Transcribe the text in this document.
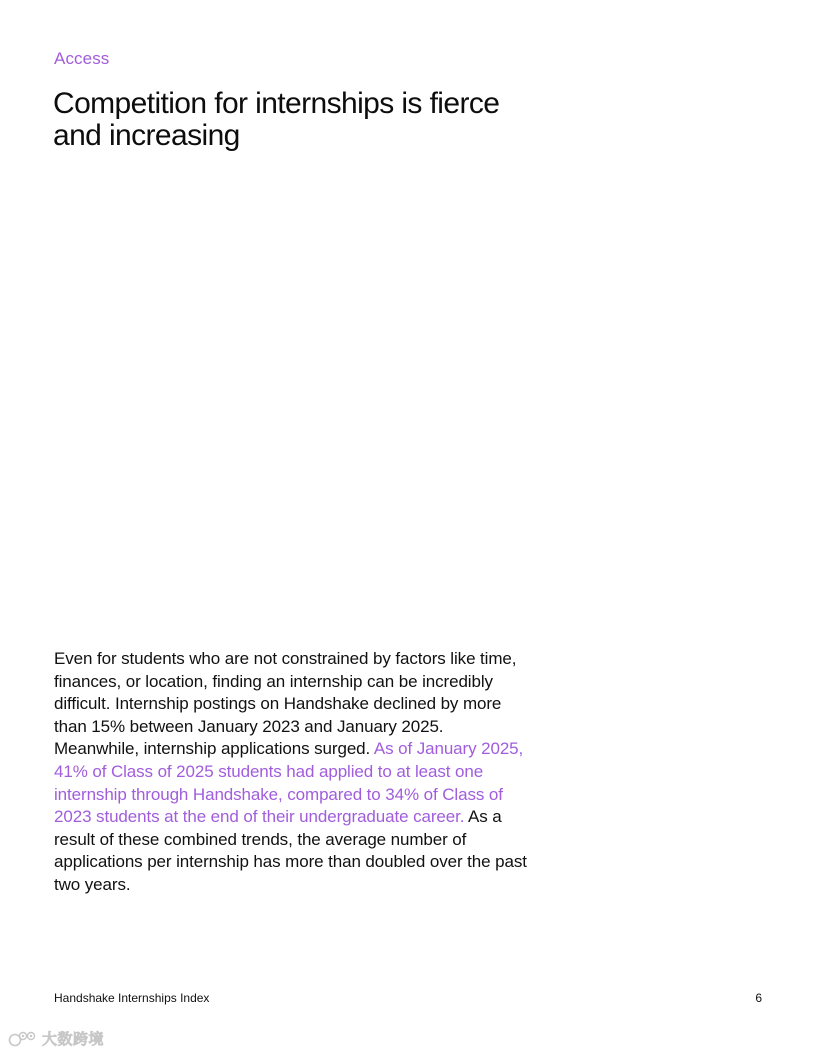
Access
Competition for internships is fierce and increasing

Even for students who are not constrained by factors like time, finances, or location, finding an internship can be incredibly difficult. Internship postings on Handshake declined by more than 15% between January 2023 and January 2025. Meanwhile, internship applications surged. As of January 2025, 41% of Class of 2025 students had applied to at least one internship through Handshake, compared to 34% of Class of 2023 students at the end of their undergraduate career. As a result of these combined trends, the average number of applications per internship has more than doubled over the past two years.

Handshake Internships Index	6
大数跨境
